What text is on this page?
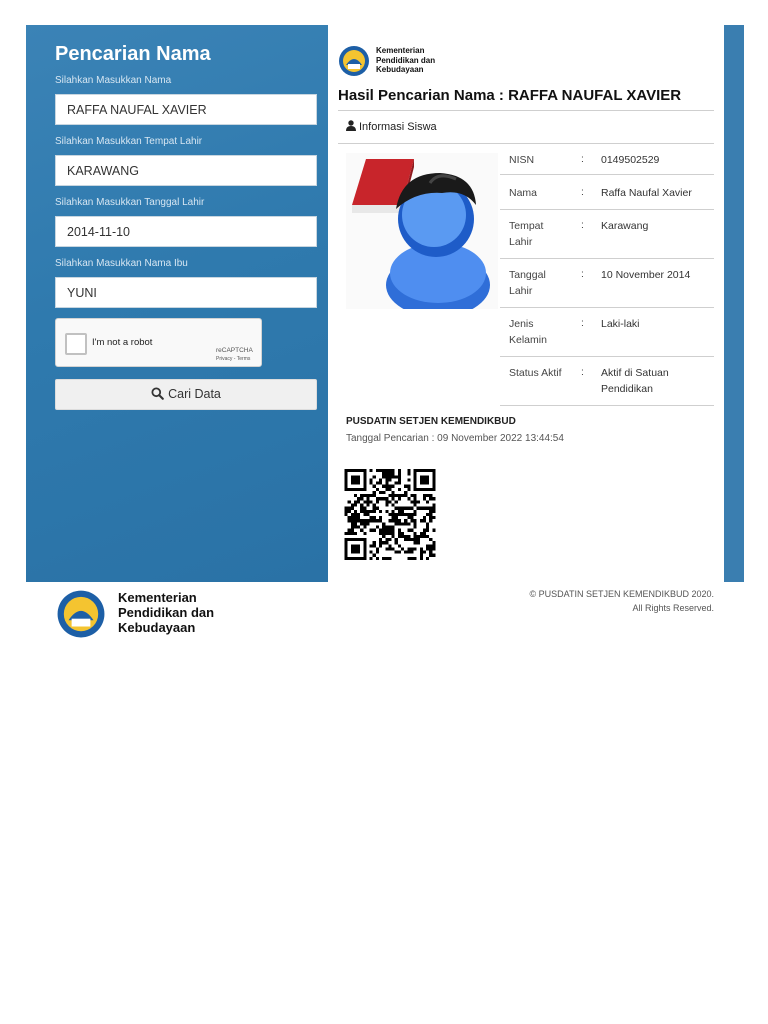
Pencarian Nama
Silahkan Masukkan Nama
RAFFA NAUFAL XAVIER
Silahkan Masukkan Tempat Lahir
KARAWANG
Silahkan Masukkan Tanggal Lahir
2014-11-10
Silahkan Masukkan Nama Ibu
YUNI
I'm not a robot
reCAPTCHA
Privacy - Terms
Cari Data
Kementerian
Pendidikan dan
Kebudayaan
Hasil Pencarian Nama : RAFFA NAUFAL XAVIER
Informasi Siswa
NISN	: 0149502529
Nama	: Raffa Naufal Xavier
Tempat Lahir
: Karawang
Tanggal Lahir
: 10 November 2014
Jenis Kelamin
: Laki-laki
Status Aktif : Aktif di Satuan Pendidikan
PUSDATIN SETJEN KEMENDIKBUD
Tanggal Pencarian : 09 November 2022 13:44:54
Kementerian
Pendidikan dan
Kebudayaan
© PUSDATIN SETJEN KEMENDIKBUD 2020.
All Rights Reserved.
